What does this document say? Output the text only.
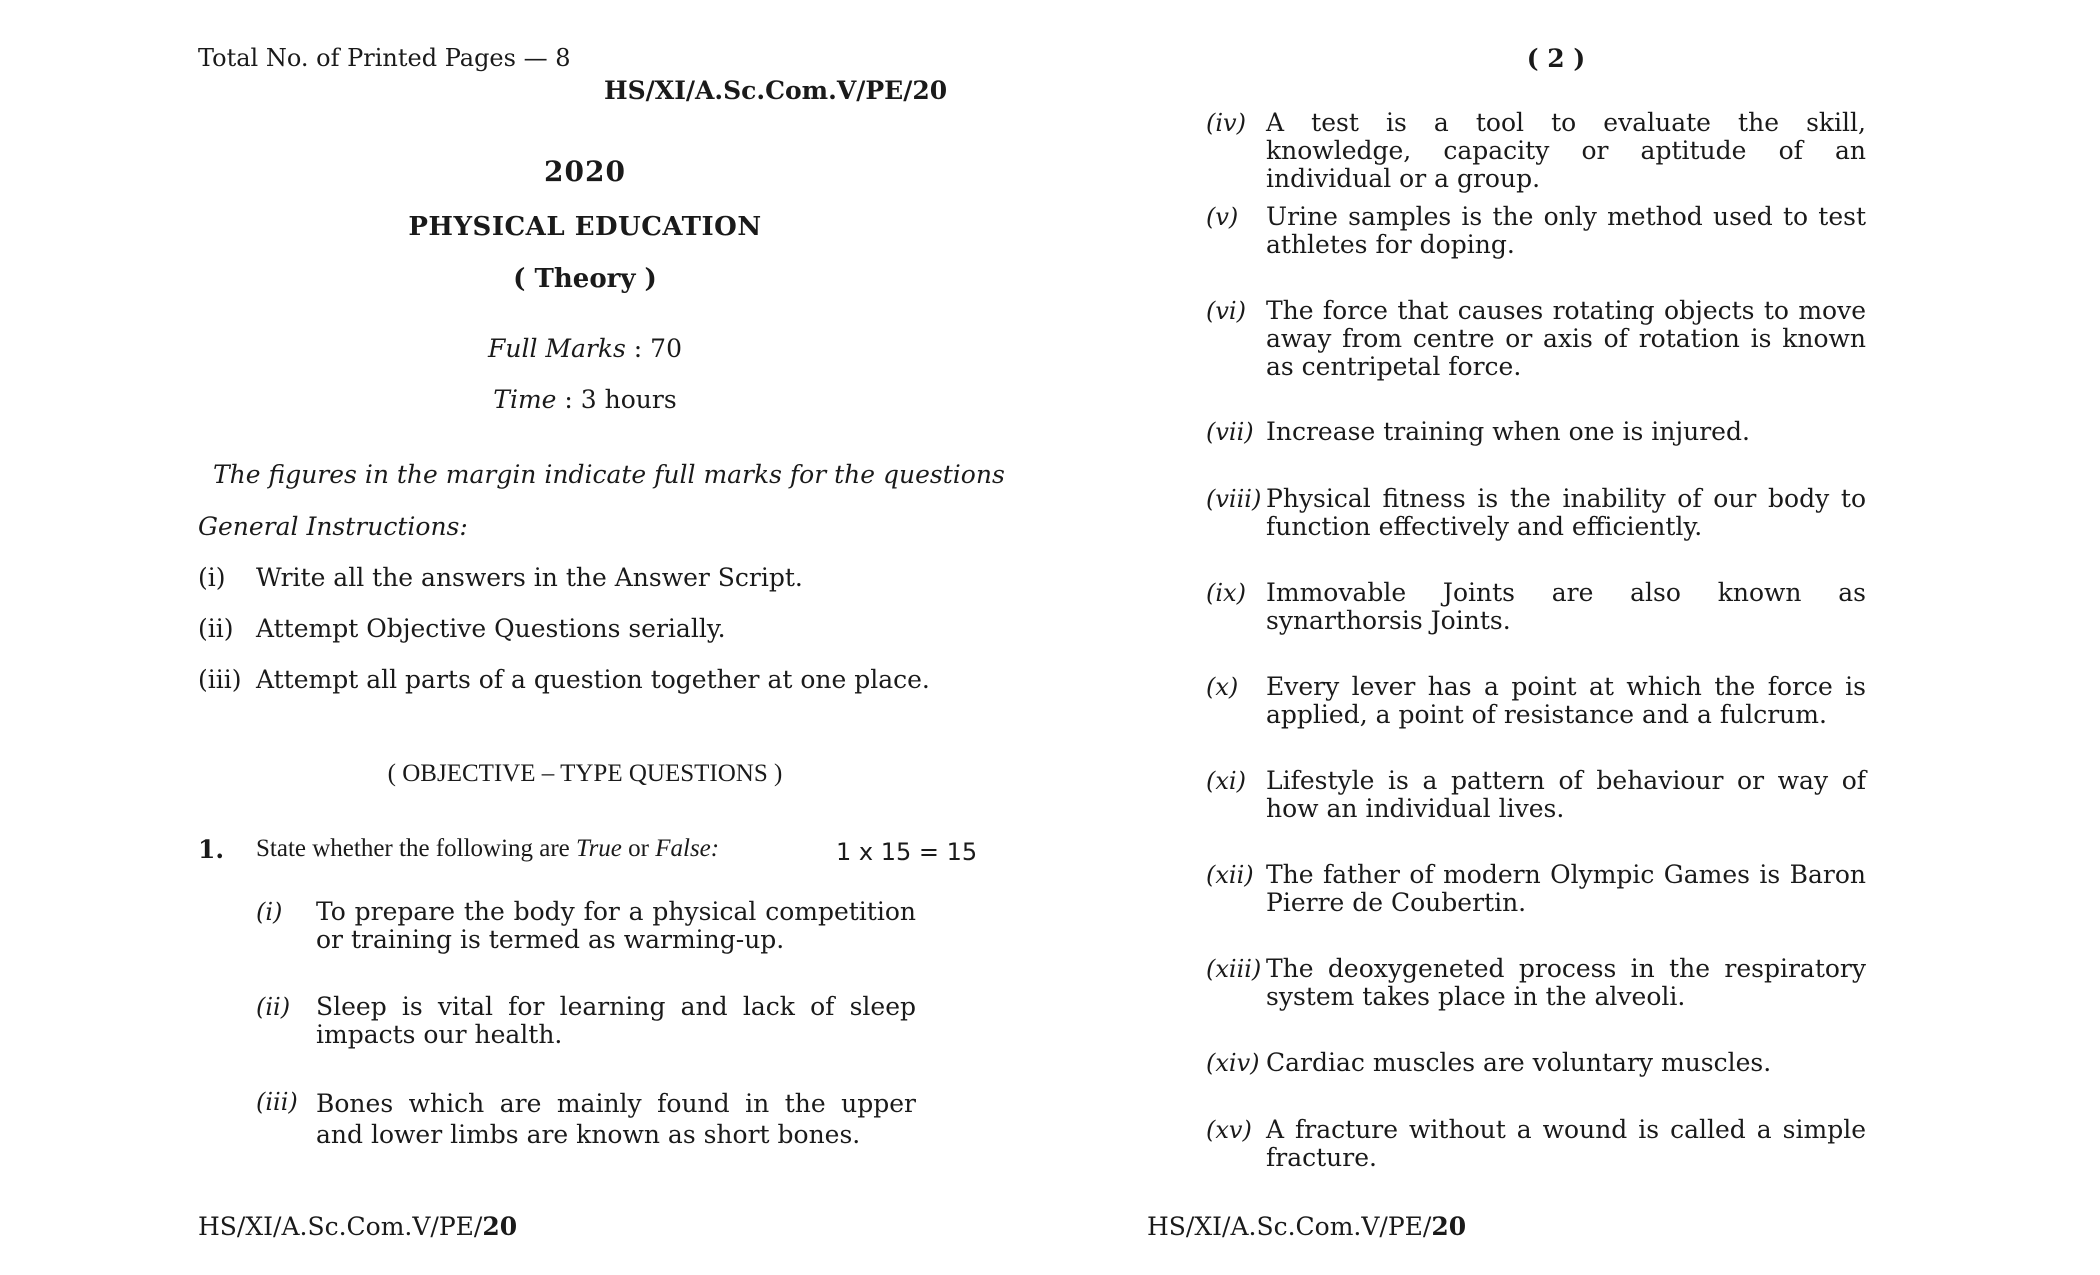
Total No. of Printed Pages — 8
HS/XI/A.Sc.Com.V/PE/20
2020
PHYSICAL EDUCATION
( Theory )
Full Marks : 70
Time : 3 hours
The figures in the margin indicate full marks for the questions
General Instructions:
(i) Write all the answers in the Answer Script.
(ii) Attempt Objective Questions serially.
(iii) Attempt all parts of a question together at one place.
( OBJECTIVE – TYPE QUESTIONS )
1. State whether the following are True or False:	1 x 15 = 15
(i) To prepare the body for a physical competition or training is termed as warming-up.
(ii) Sleep is vital for learning and lack of sleep impacts our health.
(iii) Bones which are mainly found in the upper and lower limbs are known as short bones.
HS/XI/A.Sc.Com.V/PE/20
( 2 )
(iv) A test is a tool to evaluate the skill, knowledge, capacity or aptitude of an individual or a group.
(v) Urine samples is the only method used to test athletes for doping.
(vi) The force that causes rotating objects to move away from centre or axis of rotation is known as centripetal force.
(vii) Increase training when one is injured.
(viii) Physical fitness is the inability of our body to function effectively and efficiently.
(ix) Immovable Joints are also known as synarthorsis Joints.
(x) Every lever has a point at which the force is applied, a point of resistance and a fulcrum.
(xi) Lifestyle is a pattern of behaviour or way of how an individual lives.
(xii) The father of modern Olympic Games is Baron Pierre de Coubertin.
(xiii) The deoxygeneted process in the respiratory system takes place in the alveoli.
(xiv) Cardiac muscles are voluntary muscles.
(xv) A fracture without a wound is called a simple fracture.
HS/XI/A.Sc.Com.V/PE/20
